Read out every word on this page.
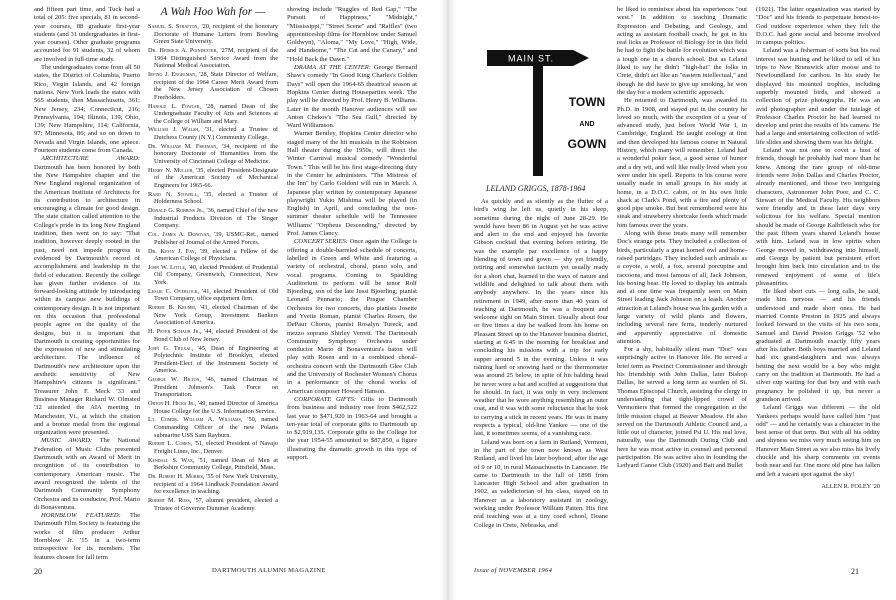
and fifteen part time, and Tuck had a total of 205: five specials, 81 in second-year courses, 88 graduate first-year students (and 31 undergraduates in first-year courses). Other graduate programs accounted for 91 students, 32 of whom are involved in full-time study.

The undergraduates come from all 50 states, the District of Columbia, Puerto Rico, Virgin Islands, and 42 foreign nations. New York leads the states with 565 students, then Massachusetts, 361; New Jersey, 234; Connecticut, 216; Pennsylvania, 194; Illinois, 139; Ohio, 139; New Hampshire, 114; California, 97; Minnesota, 86; and so on down to Nevada and Virgin Islands, one apiece. Fourteen students come from Canada.

ARCHITECTURE AWARD: Dartmouth has been honored by both the New Hampshire chapter and the New England regional organization of the American Institute of Architects for its contribution to architecture in encouraging a climate for good design. The state citation called attention to the College's pride in its long New England tradition, then went on to say: "That tradition, however deeply rooted in the past, need not impede progress is evidenced by Dartmouth's record of accomplishment and leadership in the field of education. Recently the college has given further evidence of its forward-looking attitude by introducing within its campus new buildings of contemporary design. It is not important on this occasion that professional people agree on the quality of the designs, but it is important that Dartmouth is creating opportunities for the expression of new and stimulating architecture. The influence of Dartmouth's new architecture upon the aesthetic sensitivity of New Hampshire's citizens is significant." Treasurer John F. Meck '33 and Business Manager Richard W. Olmsted '32 attended the AIA meeting in Manchester, Vt., at which the citation and a bronze medal from the regional organization were presented.

MUSIC AWARD: The National Federation of Music Clubs presented Dartmouth with an Award of Merit in recognition of its contribution to contemporary American music. The award recognized the talents of the Dartmouth Community Symphony Orchestra and its conductor, Prof. Mario di Bonaventura.

HORNBLOW FEATURED: The Dartmouth Film Society is featuring the works of film producer Arthur Hornblow Jr. '15 in a two-term retrospective for its members. The features chosen for fall term

A Wah Hoo Wah for —

Samuel S. Stratton, '20, recipient of the honorary Doctorate of Humane Letters from Bowling Green State University.

Dr. Hedrick A. Poindexter, '27M, recipient of the 1964 Distinguished Service Award from the National Medical Association.

Irving J. Engelman, '28, State Director of Welfare, recipient of the 1964 Career Merit Award from the New Jersey Association of Chosen Freeholders.

Harold L. Fowler, '28, named Dean of the Undergraduate Faculty of Arts and Sciences at the College of William and Mary.

William J. Walsh, '31, elected a Trustee of Dutchess County (N.Y.) Community College.

Dr. William M. Freeman, '34, recipient of the honorary Doctorate of Humanities from the University of Cincinnati College of Medicine.

Henry N. Muller, '35, elected President-Designate of the American Society of Mechanical Engineers for 1965-66.

Rand N. Stowell, '35, elected a Trustee of Holderness School.

Donald G. Robbins Jr., '36, named Chief of the new Industrial Products Division of The Singer Company.

Col. James A. Donovan, '39, USMC-Ret., named Publisher of Journal of the Armed Forces.

Dr. Kevin J. Fay, '39, elected a Fellow of the American College of Physicians.

John W. Little, '40, elected President of Prudential Oil Company, Greenwich, Connecticut, New York.

Leslie C. Overlock, '41, elected President of Old Town Company, office equipment firm.

Robert B. Krumm, '43, elected Chairman of the New York Group, Investment Bankers Association of America.

H. Peter Schaub Jr., '44, elected President of the Bond Club of New Jersey.

John G. Truxal, '45, Dean of Engineering at Polytechnic Institute of Brooklyn, elected President-Elect of the Instrument Society of America.

George W. Hilton, '46, named Chairman of President Johnson's Task Force on Transportation.

Orton H. Hicks Jr., '49, named Director of America House College for the U.S. Information Service.

Lt. Comdr. William A. Williams, '50, named Commanding Officer of the new Polaris submarine USS Sam Rayburn.

Robert L. Cohen, '51, elected President of Navajo Freight Lines, Inc., Denver.

Kendall S. Wax, '51, named Dean of Men at Berkshire Community College, Pittsfield, Mass.

Dr. Robert H. Morris, '55 of New York University, recipient of a 1964 Lindback Foundation Award for excellence in teaching.

Robert M. Ross, '57, alumni president, elected a Trustee of Governor Dummer Academy.

showing include "Ruggles of Red Gap," "The Pursuit of Happiness," "Midnight," "Mississippi," "Street Scene" and "Raffles" (two apprenticeship films for Hornblow under Samuel Goldwyn), "Aloma," "My Love," "High, Wide, and Handsome," "The Cat and the Canary," and "Hold Back the Dawn."

DRAMA AT THE CENTER: George Bernard Shaw's comedy "In Good King Charles's Golden Days" will open the 1964-65 theatrical season at Hopkins Center during Houseparties week. The play will be directed by Prof. Henry B. Williams. Later in the month Hanover audiences will see Anton Chekov's "The Sea Gull," directed by Ward Williamson.

Warner Bentley, Hopkins Center director who staged many of the hit musicals in the Robinson Hall theater during the 1950s, will direct the Winter Carnival musical comedy "Wonderful Town." This will be his first stage-directing duty in the Center he administers. "The Mistress of the Inn" by Carlo Goldoni will run in March. A Japanese play written by contemporary Japanese playwright Yukio Mishima will be played (in English) in April, and concluding the non-summer theater schedule will be Tennessee Williams' "Orpheus Descending," directed by Prof. James Clancy.

CONCERT SERIES: Once again the College is offering a double-barreled schedule of concerts, labelled in Green and White and featuring a variety of orchestral, choral, piano solo, and vocal programs. Coming to Spaulding Auditorium to perform will be tenor Rolf Bjoerling, son of the late Jussi Bjoerling; pianist Leonard Pennario; the Prague Chamber Orchestra for two concerts, duo pianists Josette and Yvette Roman, pianist Charles Rosen, the DePaur Chorus, pianist Rosalyn Tureck, and mezzo soprano Shirley Verrett. The Dartmouth Community Symphony Orchestra under conductor Mario di Bonaventura's baton will play with Rosen and in a combined choral-orchestra concert with the Dartmouth Glee Club and the University of Rochester Women's Chorus in a performance of the choral works of American composer Howard Hanson.

CORPORATE GIFTS: Gifts to Dartmouth from business and industry rose from $462,522 last year to $471,920 in 1963-64 and brought a ten-year total of corporate gifts to Dartmouth up to $2,919,135. Corporate gifts to the College for the year 1954-55 amounted to $87,850, a figure illustrating the dramatic growth in this type of support.

20	DARTMOUTH ALUMNI MAGAZINE
MAIN ST.
TOWN
AND
GOWN
LELAND GRIGGS, 1878-1964

As quickly and as silently as the flutter of a bird's wing he left us, quietly in his sleep, sometime during the night of June 28-29. He would have been 86 in August yet he was active and alert to the end and enjoyed his favorite Gibson cocktail that evening before retiring. He was the example par excellence of a happy blending of town and gown — shy yet friendly, retiring and somewhat taciturn yet usually ready for a short chat, learned in the ways of nature and wildlife and delighted to talk about them with anybody anywhere. In the years since his retirement in 1949, after more than 40 years of teaching at Dartmouth, he was a frequent and welcome sight on Main Street. Usually about four or five times a day he walked from his home on Pleasant Street up to the Hanover business district, starting at 6:45 in the morning for breakfast and concluding his missions with a trip for early supper around 5 in the evening. Unless it was raining hard or snowing hard or the thermometer was around 25 below, in spite of his balding head he never wore a hat and scoffed at suggestions that he should. In fact, it was only in very inclement weather that he wore anything resembling an outer coat, and it was with some reluctance that he took to carrying a stick in recent years. He was in many respects a typical, old-line Yankee — one of the last, it sometimes seems, of a vanishing race.

Leland was born on a farm in Rutland, Vermont, in the part of the town now known as West Rutland, and lived his later boyhood, after the age of 9 or 10, in rural Massachusetts in Lancaster. He came to Dartmouth in the fall of 1898 from Lancaster High School and after graduation in 1902, as valedictorian of his class, stayed on in Hanover as a laboratory assistant in zoology, working under Professor William Patten. His first real teaching was at a tiny coed school, Doane College in Crete, Nebraska, and

he liked to reminisce about his experiences "out west." In addition to teaching Dramatic Expression and Debating, and Geology, and acting as assistant football coach, he got in his real licks as Professor of Biology for in this field he had to fight the battle for evolution which was a tough one in a church school. But as Leland liked to say he didn't "high-hat" the folks in Crete, didn't act like an "eastern intellectual," and though he did have to give up smoking, he won the day for a modern scientific approach.

He returned to Dartmouth, was awarded its Ph.D. in 1908, and stayed put in the country he loved so much, with the exception of a year of advanced study, just before World War I, in Cambridge, England. He taught zoology at first and then developed his famous course in Natural History, which many will remember. Leland had a wonderful poker face, a good sense of humor and a dry wit, and will like really lived when you were under his spell. Reports in his course were usually made in small groups in his study at home, in a D.O.C. cabin, or in his own little shack at Clark's Pond, with a fire and plenty of good pipe smoke. But best remembered were his steak and strawberry shortcake feeds which made him famous over the years.

Along with these treats many will remember Doc's strange pets. They included a collection of birds, particularly a great horned owl and home-raised partridges. They included such animals as a coyote, a wolf, a fox, several porcupine and raccoons, and most famous of all, Jack Johnson, his boxing bear. He loved to display his animals and at one time was frequently seen on Main Street leading Jack Johnson on a leash. Another attraction at Leland's house was his garden with a large variety of wild plants and flowers, including several rare ferns, tenderly nurtured and apparently appreciative of domestic attention.

For a shy, habitually silent man "Doc" was surprisingly active in Hanover life. He served a brief term as Precinct Commissioner and through his friendship with John Dallas, later Bishop Dallas, he served a long term as warden of St. Thomas Episcopal Church, assisting the clergy in understanding that tight-lipped crowd of Vermonters that formed the congregation at the little mission chapel at Beaver Meadow. He also served on the Dartmouth Athletic Council and, a little out of character, joined Psi U. His real love, naturally, was the Dartmouth Outing Club and here he was most active in counsel and personal participation. He was active also in founding the Ledyard Canoe Club (1920) and Bait and Bullet

(1921). The latter organization was started by "Doc" and his friends to perpetuate honest-to-God outdoor experience when they felt the D.O.C. had gone social and become involved in campus politics.

Leland was a fisherman of sorts but his real interest was hunting and he liked to tell of his trips to New Brunswick after moose and to Newfoundland for caribou. In his study he displayed his mounted trophies, including superbly mounted birds, and showed a collection of prize photographs. He was an avid photographer and under the tutelage of Professor Charles Proctor he had learned to develop and print the results of his camera. He had a large and entertaining collection of wild-life slides and showing them was his delight.

Leland was not one to covet a host of friends, though he probably had more than he knew. Among the rare group of old-time friends were John Dallas and Charles Proctor, already mentioned, and those two intriguing characters, Astronomer John Poor, and C. C. Stewart of the Medical Faculty. His neighbors were friendly and in these later days very solicitous for his welfare. Special mention should be made of George Kalbfleisch who for the past fifteen years shared Leland's house with him. Leland was in low spirits when George moved in, withdrawing into himself, and George by patient but persistent effort brought him back into circulation and to the renewed enjoyment of some of life's pleasantries.

He liked short cuts — long calls, he said, made him nervous — and his friends understood and made short ones. He had married Connie Preston in 1925 and always looked forward to the visits of his two sons, Samuel and David Preston Griggs '52 who graduated at Dartmouth exactly fifty years after his father. Both boys married and Leland had six grand-daughters and was always betting the next would be a boy who might carry on the tradition at Dartmouth. He had a silver cup waiting for that boy and with each pregnancy he polished it up, but never a grandson arrived.

Leland Griggs was different — the old Yankees perhaps would have called him "just odd" — and he certainly was a character in the best sense of that term. But with all his oddity and shyness we miss very much seeing him on Hanover Main Street as we also miss his lively chuckle and his sharp comments on events both near and far. One more old pine has fallen and left a vacant spot against the sky!

ALLEN R. FOLEY '20
Issue of NOVEMBER 1964	21
